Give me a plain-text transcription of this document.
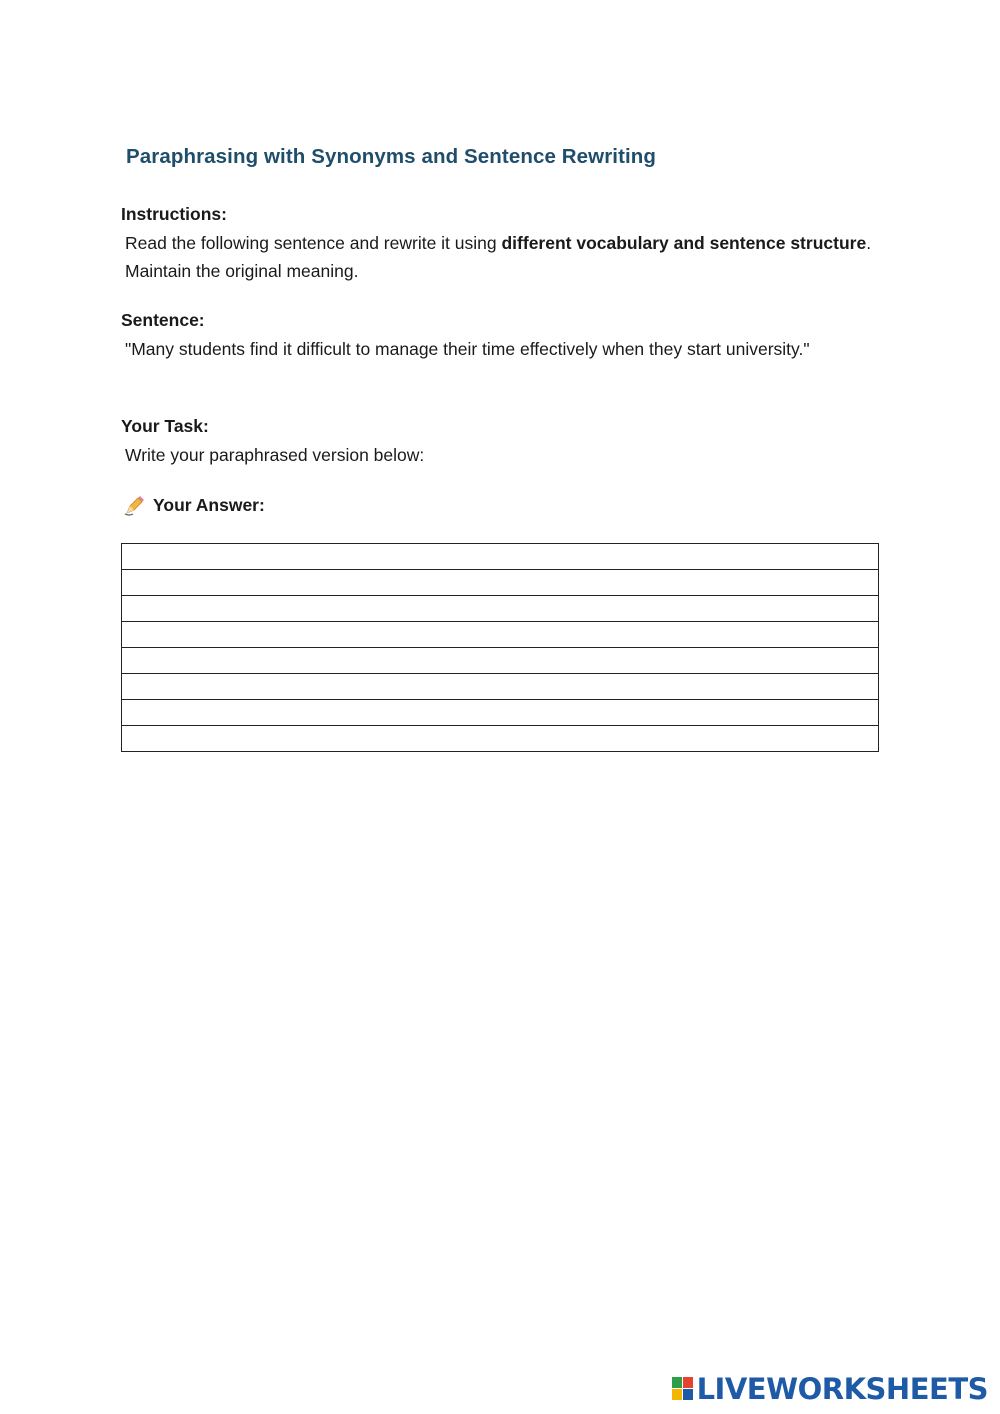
Paraphrasing with Synonyms and Sentence Rewriting
Instructions:
Read the following sentence and rewrite it using different vocabulary and sentence structure. Maintain the original meaning.
Sentence:
"Many students find it difficult to manage their time effectively when they start university."
Your Task:
Write your paraphrased version below:
Your Answer:
LIVEWORKSHEETS
